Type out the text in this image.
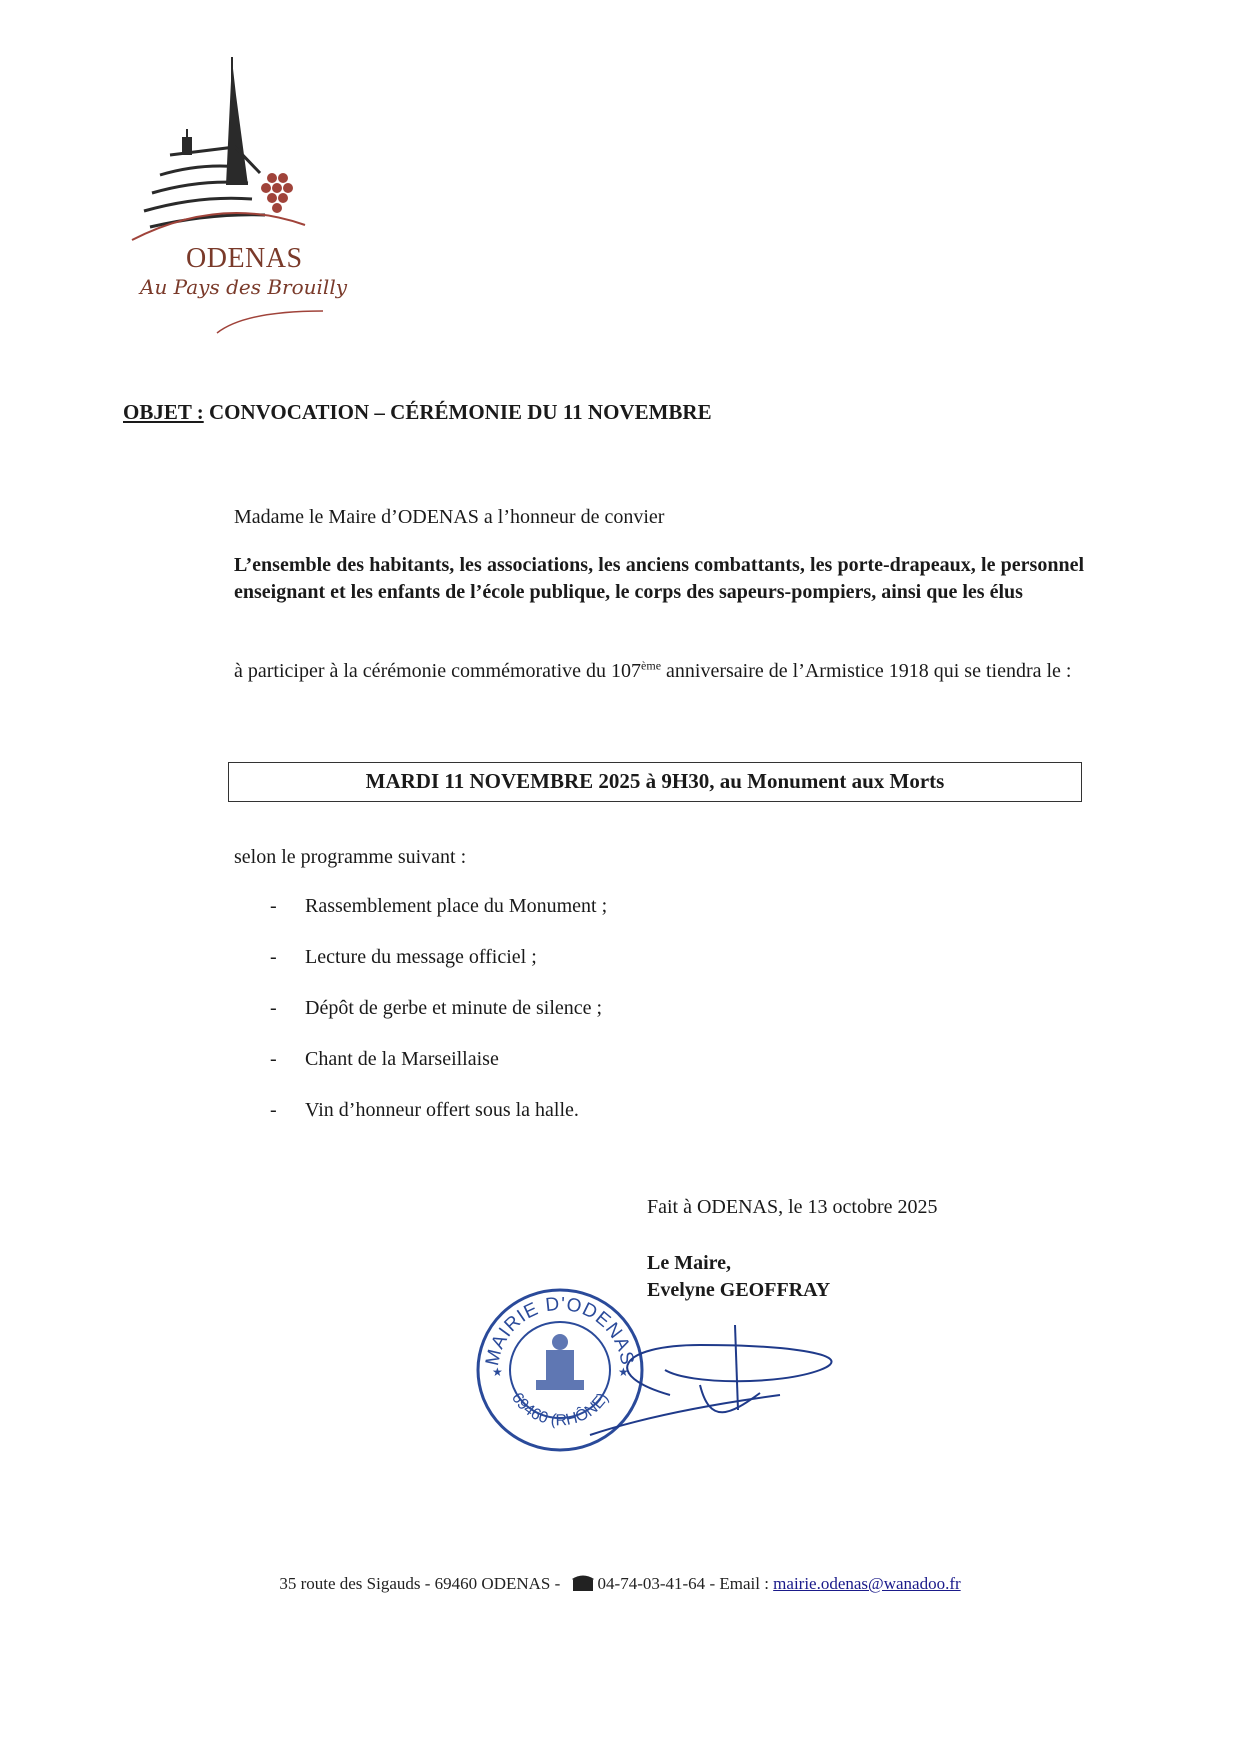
ODENAS
Au Pays des Brouilly
OBJET : CONVOCATION – CÉRÉMONIE DU 11 NOVEMBRE
Madame le Maire d’ODENAS a l’honneur de convier
L’ensemble des habitants, les associations, les anciens combattants, les porte-drapeaux, le personnel enseignant et les enfants de l’école publique, le corps des sapeurs-pompiers, ainsi que les élus
à participer à la cérémonie commémorative du 107ème anniversaire de l’Armistice 1918 qui se tiendra le :
MARDI 11 NOVEMBRE 2025 à 9H30, au Monument aux Morts
selon le programme suivant :
- Rassemblement place du Monument ;
- Lecture du message officiel ;
- Dépôt de gerbe et minute de silence ;
- Chant de la Marseillaise
- Vin d’honneur offert sous la halle.
Fait à ODENAS, le 13 octobre 2025
Le Maire,
Evelyne GEOFFRAY
MAIRIE D'ODENAS
69460 (RHÔNE)
★	★
35 route des Sigauds - 69460 ODENAS - 04-74-03-41-64 - Email : mairie.odenas@wanadoo.fr
